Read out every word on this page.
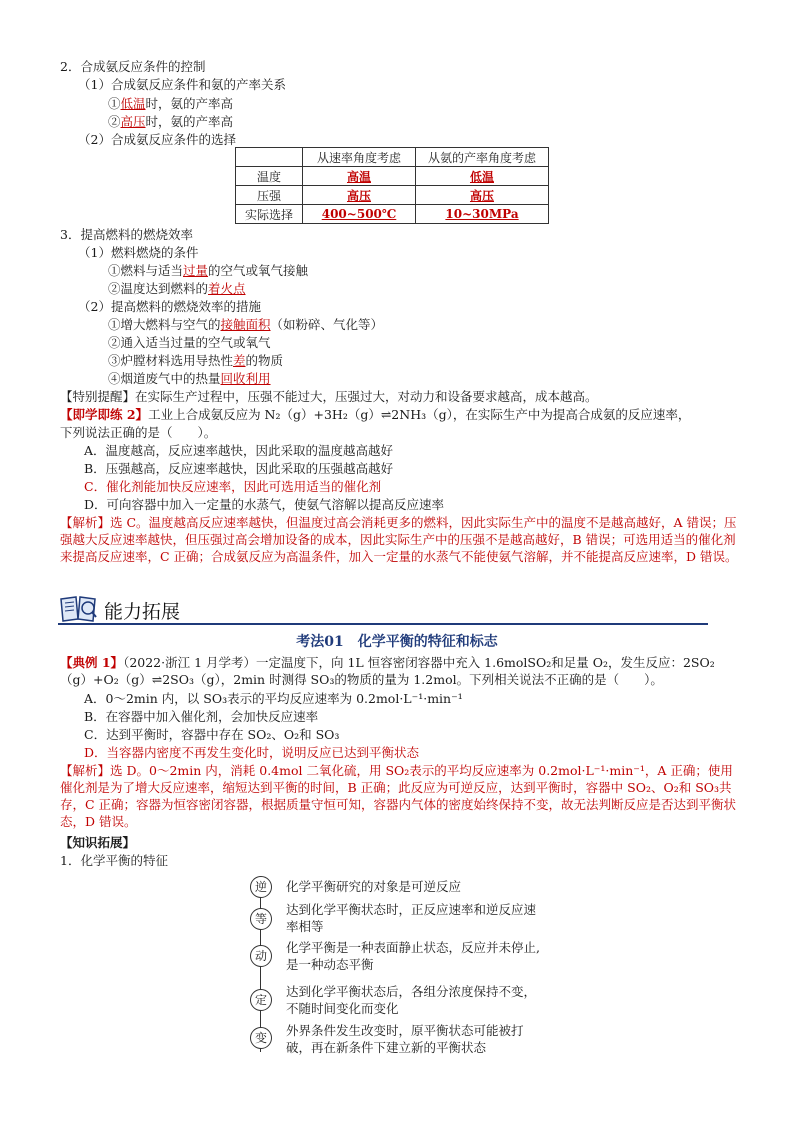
2．合成氨反应条件的控制
（1）合成氨反应条件和氨的产率关系
①低温时，氨的产率高
②高压时，氨的产率高
（2）合成氨反应条件的选择
	从速率角度考虑	从氨的产率角度考虑
温度	高温	低温
压强	高压	高压
实际选择	400~500℃	10~30MPa
3．提高燃料的燃烧效率
（1）燃料燃烧的条件
①燃料与适当过量的空气或氧气接触
②温度达到燃料的着火点
（2）提高燃料的燃烧效率的措施
①增大燃料与空气的接触面积（如粉碎、气化等）
②通入适当过量的空气或氧气
③炉膛材料选用导热性差的物质
④烟道废气中的热量回收利用
【特别提醒】在实际生产过程中，压强不能过大，压强过大，对动力和设备要求越高，成本越高。
【即学即练 2】工业上合成氨反应为 N₂（g）+3H₂（g）⇌2NH₃（g），在实际生产中为提高合成氨的反应速率，
下列说法正确的是（　　）。
A．温度越高，反应速率越快，因此采取的温度越高越好
B．压强越高，反应速率越快，因此采取的压强越高越好
C．催化剂能加快反应速率，因此可选用适当的催化剂
D．可向容器中加入一定量的水蒸气，使氨气溶解以提高反应速率
【解析】选 C。温度越高反应速率越快，但温度过高会消耗更多的燃料，因此实际生产中的温度不是越高越好，A 错误；压强越大反应速率越快，但压强过高会增加设备的成本，因此实际生产中的压强不是越高越好，B 错误；可选用适当的催化剂来提高反应速率，C 正确；合成氨反应为高温条件，加入一定量的水蒸气不能使氨气溶解，并不能提高反应速率，D 错误。
能力拓展
考法01　化学平衡的特征和标志
【典例 1】（2022·浙江 1 月学考）一定温度下，向 1L 恒容密闭容器中充入 1.6molSO₂和足量 O₂，发生反应：2SO₂（g）+O₂（g）⇌2SO₃（g），2min 时测得 SO₃的物质的量为 1.2mol。下列相关说法不正确的是（　　）。
A．0～2min 内，以 SO₃表示的平均反应速率为 0.2mol·L⁻¹·min⁻¹
B．在容器中加入催化剂，会加快反应速率
C．达到平衡时，容器中存在 SO₂、O₂和 SO₃
D．当容器内密度不再发生变化时，说明反应已达到平衡状态
【解析】选 D。0～2min 内，消耗 0.4mol 二氧化硫，用 SO₂表示的平均反应速率为 0.2mol·L⁻¹·min⁻¹，A 正确；使用催化剂是为了增大反应速率，缩短达到平衡的时间，B 正确；此反应为可逆反应，达到平衡时，容器中 SO₂、O₂和 SO₃共存，C 正确；容器为恒容密闭容器，根据质量守恒可知，容器内气体的密度始终保持不变，故无法判断反应是否达到平衡状态，D 错误。
【知识拓展】
1．化学平衡的特征
逆	化学平衡研究的对象是可逆反应
等
达到化学平衡状态时，正反应速率和逆反应速率相等
动
化学平衡是一种表面静止状态，反应并未停止,是一种动态平衡
定
达到化学平衡状态后，各组分浓度保持不变，不随时间变化而变化
变	外界条件发生改变时，原平衡状态可能被打破，再在新条件下建立新的平衡状态
